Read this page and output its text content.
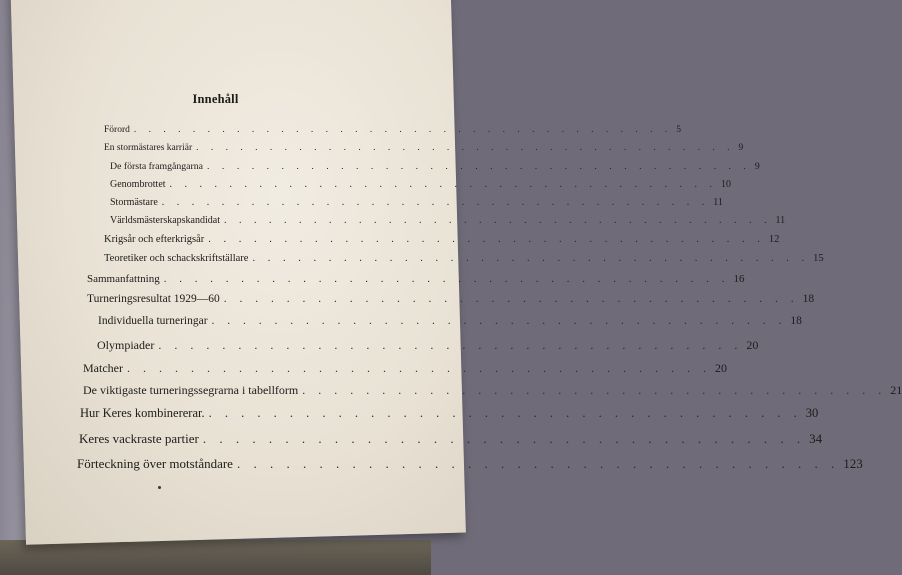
Innehåll
Förord . . . . . . . . . . . . . . . . . . . . . . . . . . . . . . . . . . . . . 5
En stormästares karriär . . . . . . . . . . . . . . . . . . . . . . . . . . . . . . . . . . . . . 9
De första framgångarna . . . . . . . . . . . . . . . . . . . . . . . . . . . . . . . . . . . . . 9
Genombrottet . . . . . . . . . . . . . . . . . . . . . . . . . . . . . . . . . . . . . 10
Stormästare . . . . . . . . . . . . . . . . . . . . . . . . . . . . . . . . . . . . . 11
Världsmästerskapskandidat . . . . . . . . . . . . . . . . . . . . . . . . . . . . . . . . . . . . . 11
Krigsår och efterkrigsår . . . . . . . . . . . . . . . . . . . . . . . . . . . . . . . . . . . . . 12
Teoretiker och schackskriftställare . . . . . . . . . . . . . . . . . . . . . . . . . . . . . . . . . . . . . 15
Sammanfattning . . . . . . . . . . . . . . . . . . . . . . . . . . . . . . . . . . . . . 16
Turneringsresultat 1929—60 . . . . . . . . . . . . . . . . . . . . . . . . . . . . . . . . . . . . . 18
Individuella turneringar . . . . . . . . . . . . . . . . . . . . . . . . . . . . . . . . . . . . . 18
Olympiader . . . . . . . . . . . . . . . . . . . . . . . . . . . . . . . . . . . . . 20
Matcher . . . . . . . . . . . . . . . . . . . . . . . . . . . . . . . . . . . . . 20
De viktigaste turneringssegrarna i tabellform . . . . . . . . . . . . . . . . . . . . . . . . . . . . . . . . . . . . . 21
Hur Keres kombinererar. . . . . . . . . . . . . . . . . . . . . . . . . . . . . . . . . . . . . . 30
Keres vackraste partier . . . . . . . . . . . . . . . . . . . . . . . . . . . . . . . . . . . . . 34
Förteckning över motståndare . . . . . . . . . . . . . . . . . . . . . . . . . . . . . . . . . . . . . 123
